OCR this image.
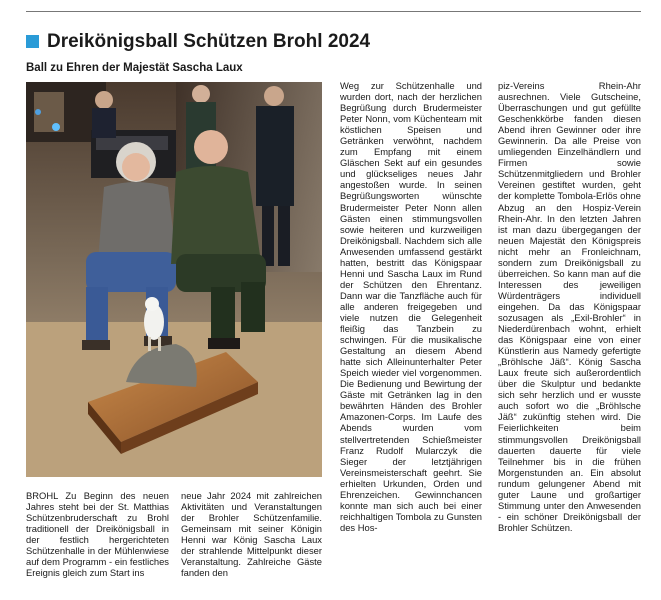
Dreikönigsball Schützen Brohl 2024
Ball zu Ehren der Majestät Sascha Laux

BROHL Zu Beginn des neuen Jahres steht bei der St. Matthias Schützenbruderschaft zu Brohl traditionell der Dreikönigsball in der festlich hergerichteten Schützenhalle in der Mühlenwiese auf dem Programm - ein festliches Ereignis gleich zum Start ins

neue Jahr 2024 mit zahlreichen Aktivitäten und Veranstaltungen der Brohler Schützenfamilie. Gemeinsam mit seiner Königin Henni war König Sascha Laux der strahlende Mittelpunkt dieser Veranstaltung. Zahlreiche Gäste fanden den

Weg zur Schützenhalle und wurden dort, nach der herzlichen Begrüßung durch Brudermeister Peter Nonn, vom Küchenteam mit köstlichen Speisen und Getränken verwöhnt, nachdem zum Empfang mit einem Gläschen Sekt auf ein gesundes und glückseliges neues Jahr angestoßen wurde. In seinen Begrüßungsworten wünschte Brudermeister Peter Nonn allen Gästen einen stimmungsvollen sowie heiteren und kurzweiligen Dreikönigsball. Nachdem sich alle Anwesenden umfassend gestärkt hatten, bestritt das Königspaar Henni und Sascha Laux im Rund der Schützen den Ehrentanz. Dann war die Tanzfläche auch für alle anderen freigegeben und viele nutzen die Gelegenheit fleißig das Tanzbein zu schwingen. Für die musikalische Gestaltung an diesem Abend hatte sich Alleinunterhalter Peter Speich wieder viel vorgenommen. Die Bedienung und Bewirtung der Gäste mit Getränken lag in den bewährten Händen des Brohler Amazonen-Corps. Im Laufe des Abends wurden vom stellvertretenden Schießmeister Franz Rudolf Mularczyk die Sieger der letztjährigen Vereinsmeisterschaft geehrt. Sie erhielten Urkunden, Orden und Ehrenzeichen. Gewinnchancen konnte man sich auch bei einer reichhaltigen Tombola zu Gunsten des Hos-

piz-Vereins Rhein-Ahr ausrechnen. Viele Gutscheine, Überraschungen und gut gefüllte Geschenkkörbe fanden diesen Abend ihren Gewinner oder ihre Gewinnerin. Da alle Preise von umliegenden Einzelhändlern und Firmen sowie Schützenmitgliedern und Brohler Vereinen gestiftet wurden, geht der komplette Tombola-Erlös ohne Abzug an den Hospiz-Verein Rhein-Ahr. In den letzten Jahren ist man dazu übergegangen der neuen Majestät den Königspreis nicht mehr an Fronleichnam, sondern zum Dreikönigsball zu überreichen. So kann man auf die Interessen des jeweiligen Würdenträgers individuell eingehen. Da das Königspaar sozusagen als „Exil-Brohler“ in Niederdürenbach wohnt, erhielt das Königspaar eine von einer Künstlerin aus Namedy gefertigte „Bröhlsche Jäß“. König Sascha Laux freute sich außerordentlich über die Skulptur und bedankte sich sehr herzlich und er wusste auch sofort wo die „Bröhlsche Jäß“ zukünftig stehen wird. Die Feierlichkeiten beim stimmungsvollen Dreikönigsball dauerten dauerte für viele Teilnehmer bis in die frühen Morgenstunden an. Ein absolut rundum gelungener Abend mit guter Laune und großartiger Stimmung unter den Anwesenden - ein schöner Dreikönigsball der Brohler Schützen.
